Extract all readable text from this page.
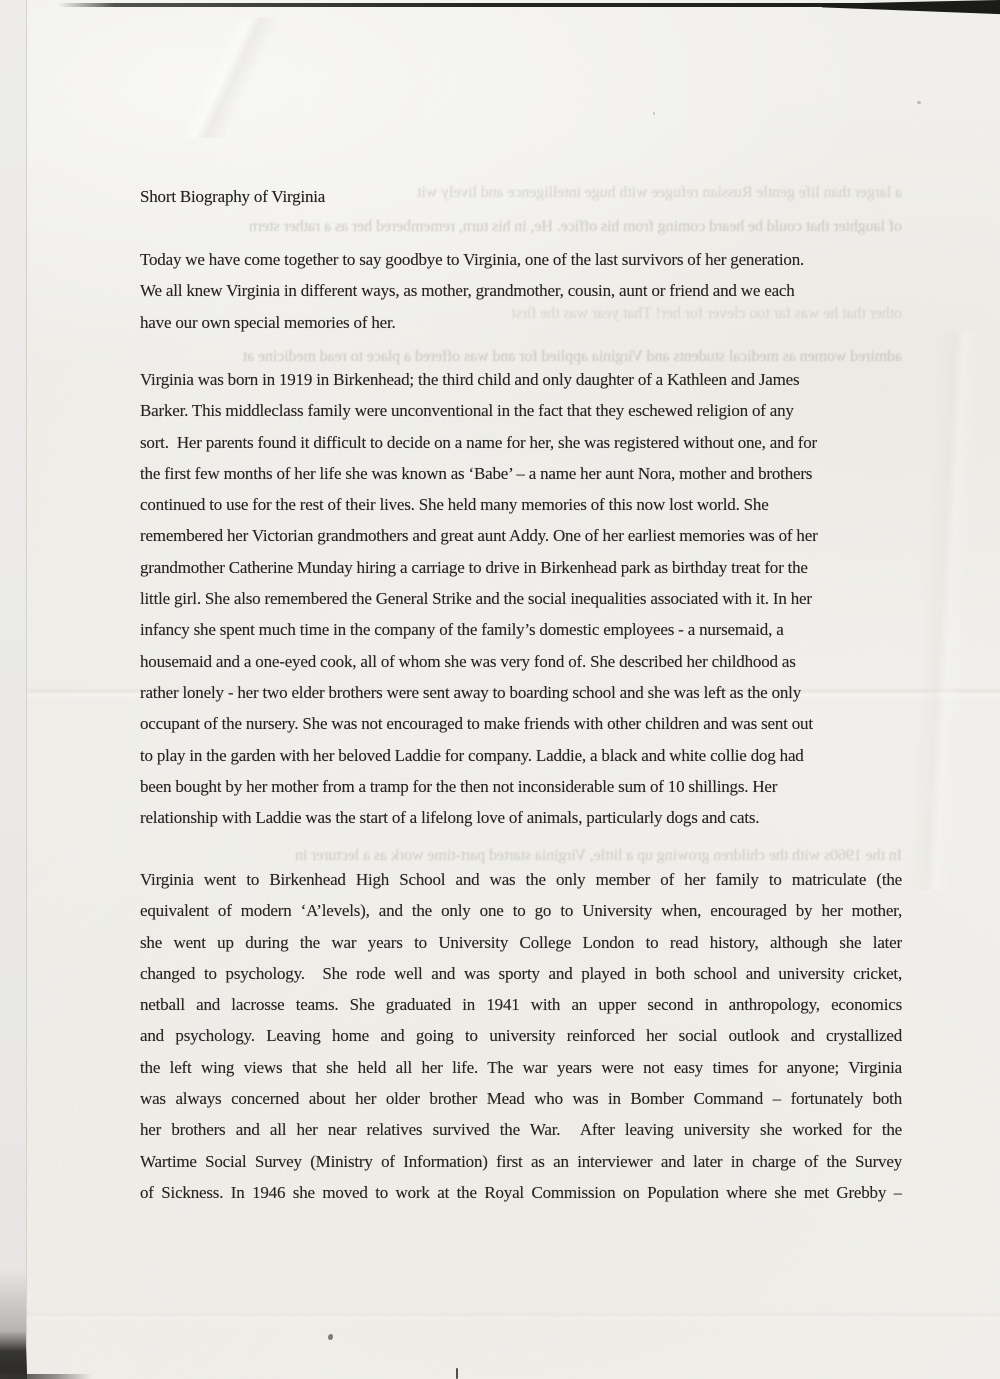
a larger than life gentle Russian refugee with huge intelligence and lively wit
of laughter that could be heard coming from his office. He, in his turn, remembered her as a rather stern
other that he was far too clever for her! That year was the first
admired women as medical students and Virginia applied for and was offered a place to read medicine at
In the 1960s with the children growing up a little, Virginia started part-time work as a lecturer in
Short Biography of Virginia
Today we have come together to say goodbye to Virginia, one of the last survivors of her generation.
We all knew Virginia in different ways, as mother, grandmother, cousin, aunt or friend and we each
have our own special memories of her.
Virginia was born in 1919 in Birkenhead; the third child and only daughter of a Kathleen and James
Barker. This middleclass family were unconventional in the fact that they eschewed religion of any
sort.  Her parents found it difficult to decide on a name for her, she was registered without one, and for
the first few months of her life she was known as ‘Babe’ – a name her aunt Nora, mother and brothers
continued to use for the rest of their lives. She held many memories of this now lost world. She
remembered her Victorian grandmothers and great aunt Addy. One of her earliest memories was of her
grandmother Catherine Munday hiring a carriage to drive in Birkenhead park as birthday treat for the
little girl. She also remembered the General Strike and the social inequalities associated with it. In her
infancy she spent much time in the company of the family’s domestic employees - a nursemaid, a
housemaid and a one-eyed cook, all of whom she was very fond of. She described her childhood as
rather lonely - her two elder brothers were sent away to boarding school and she was left as the only
occupant of the nursery. She was not encouraged to make friends with other children and was sent out
to play in the garden with her beloved Laddie for company. Laddie, a black and white collie dog had
been bought by her mother from a tramp for the then not inconsiderable sum of 10 shillings. Her
relationship with Laddie was the start of a lifelong love of animals, particularly dogs and cats.
Virginia went to Birkenhead High School and was the only member of her family to matriculate (the
equivalent of modern ‘A’levels), and the only one to go to University when, encouraged by her mother,
she went up during the war years to University College London to read history, although she later
changed to psychology.  She rode well and was sporty and played in both school and university cricket,
netball and lacrosse teams. She graduated in 1941 with an upper second in anthropology, economics
and psychology. Leaving home and going to university reinforced her social outlook and crystallized
the left wing views that she held all her life. The war years were not easy times for anyone; Virginia
was always concerned about her older brother Mead who was in Bomber Command – fortunately both
her brothers and all her near relatives survived the War.  After leaving university she worked for the
Wartime Social Survey (Ministry of Information) first as an interviewer and later in charge of the Survey
of Sickness. In 1946 she moved to work at the Royal Commission on Population where she met Grebby –
